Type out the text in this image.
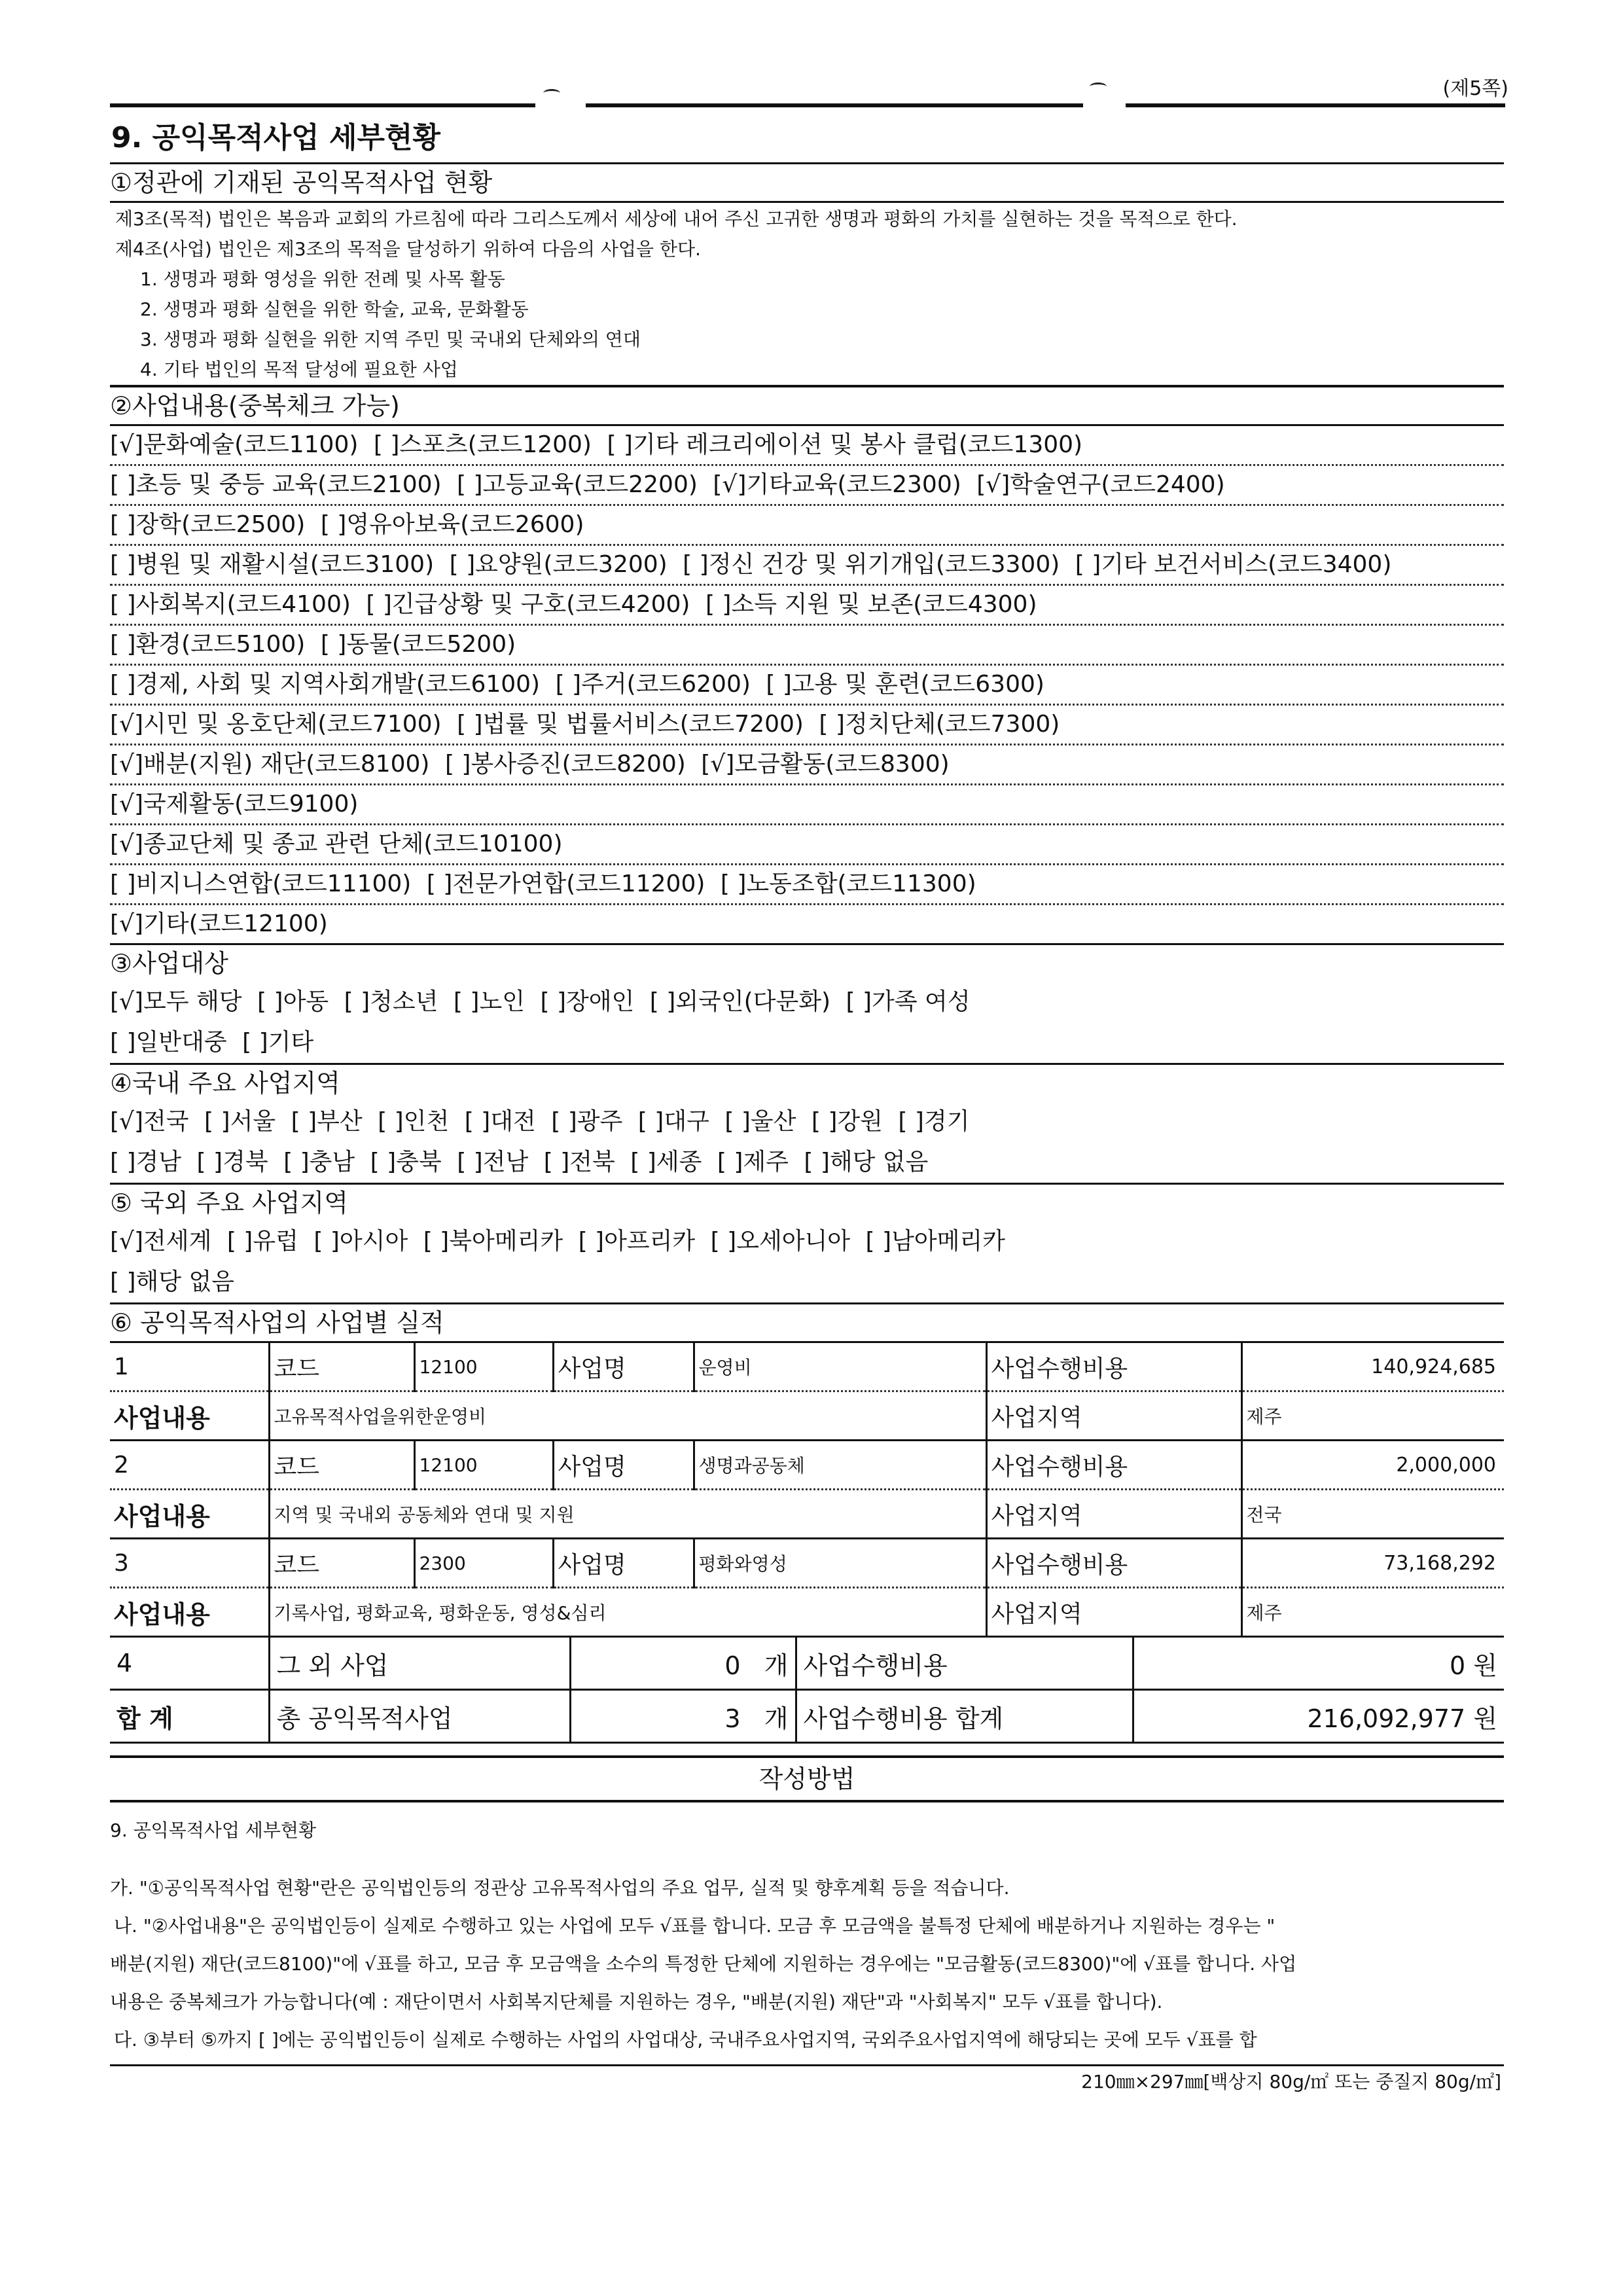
(제5쪽)
9. 공익목적사업 세부현황
①정관에 기재된 공익목적사업 현황
제3조(목적) 법인은 복음과 교회의 가르침에 따라 그리스도께서 세상에 내어 주신 고귀한 생명과 평화의 가치를 실현하는 것을 목적으로 한다.
제4조(사업) 법인은 제3조의 목적을 달성하기 위하여 다음의 사업을 한다.
1. 생명과 평화 영성을 위한 전례 및 사목 활동
2. 생명과 평화 실현을 위한 학술, 교육, 문화활동
3. 생명과 평화 실현을 위한 지역 주민 및 국내외 단체와의 연대
4. 기타 법인의 목적 달성에 필요한 사업
②사업내용(중복체크 가능)
[√]문화예술(코드1100) [ ]스포츠(코드1200) [ ]기타 레크리에이션 및 봉사 클럽(코드1300)
[ ]초등 및 중등 교육(코드2100) [ ]고등교육(코드2200) [√]기타교육(코드2300) [√]학술연구(코드2400)
[ ]장학(코드2500) [ ]영유아보육(코드2600)
[ ]병원 및 재활시설(코드3100) [ ]요양원(코드3200) [ ]정신 건강 및 위기개입(코드3300) [ ]기타 보건서비스(코드3400)
[ ]사회복지(코드4100) [ ]긴급상황 및 구호(코드4200) [ ]소득 지원 및 보존(코드4300)
[ ]환경(코드5100) [ ]동물(코드5200)
[ ]경제, 사회 및 지역사회개발(코드6100) [ ]주거(코드6200) [ ]고용 및 훈련(코드6300)
[√]시민 및 옹호단체(코드7100) [ ]법률 및 법률서비스(코드7200) [ ]정치단체(코드7300)
[√]배분(지원) 재단(코드8100) [ ]봉사증진(코드8200) [√]모금활동(코드8300)
[√]국제활동(코드9100)
[√]종교단체 및 종교 관련 단체(코드10100)
[ ]비지니스연합(코드11100) [ ]전문가연합(코드11200) [ ]노동조합(코드11300)
[√]기타(코드12100)
③사업대상
[√]모두 해당 [ ]아동 [ ]청소년 [ ]노인 [ ]장애인 [ ]외국인(다문화) [ ]가족 여성
[ ]일반대중 [ ]기타
④국내 주요 사업지역
[√]전국 [ ]서울 [ ]부산 [ ]인천 [ ]대전 [ ]광주 [ ]대구 [ ]울산 [ ]강원 [ ]경기
[ ]경남 [ ]경북 [ ]충남 [ ]충북 [ ]전남 [ ]전북 [ ]세종 [ ]제주 [ ]해당 없음
⑤ 국외 주요 사업지역
[√]전세계 [ ]유럽 [ ]아시아 [ ]북아메리카 [ ]아프리카 [ ]오세아니아 [ ]남아메리카
[ ]해당 없음
⑥ 공익목적사업의 사업별 실적
1	코드	12100	사업명	운영비	사업수행비용	140,924,685
사업내용	고유목적사업을위한운영비				사업지역	제주
2	코드	12100	사업명	생명과공동체	사업수행비용	2,000,000
사업내용	지역 및 국내외 공동체와 연대 및 지원				사업지역	전국
3	코드	2300	사업명	평화와영성	사업수행비용	73,168,292
사업내용	기록사업, 평화교육, 평화운동, 영성&심리				사업지역	제주
4	그 외 사업	0 개	사업수행비용	0 원
합 계	총 공익목적사업	3 개	사업수행비용 합계	216,092,977 원
작성방법

9. 공익목적사업 세부현황

가. "①공익목적사업 현황"란은 공익법인등의 정관상 고유목적사업의 주요 업무, 실적 및 향후계획 등을 적습니다.

나. "②사업내용"은 공익법인등이 실제로 수행하고 있는 사업에 모두 √표를 합니다. 모금 후 모금액을 불특정 단체에 배분하거나 지원하는 경우는 "

배분(지원) 재단(코드8100)"에 √표를 하고, 모금 후 모금액을 소수의 특정한 단체에 지원하는 경우에는 "모금활동(코드8300)"에 √표를 합니다. 사업

내용은 중복체크가 가능합니다(예 : 재단이면서 사회복지단체를 지원하는 경우, "배분(지원) 재단"과 "사회복지" 모두 √표를 합니다).

다. ③부터 ⑤까지 [ ]에는 공익법인등이 실제로 수행하는 사업의 사업대상, 국내주요사업지역, 국외주요사업지역에 해당되는 곳에 모두 √표를 합

210㎜×297㎜[백상지 80g/㎡ 또는 중질지 80g/㎡]
